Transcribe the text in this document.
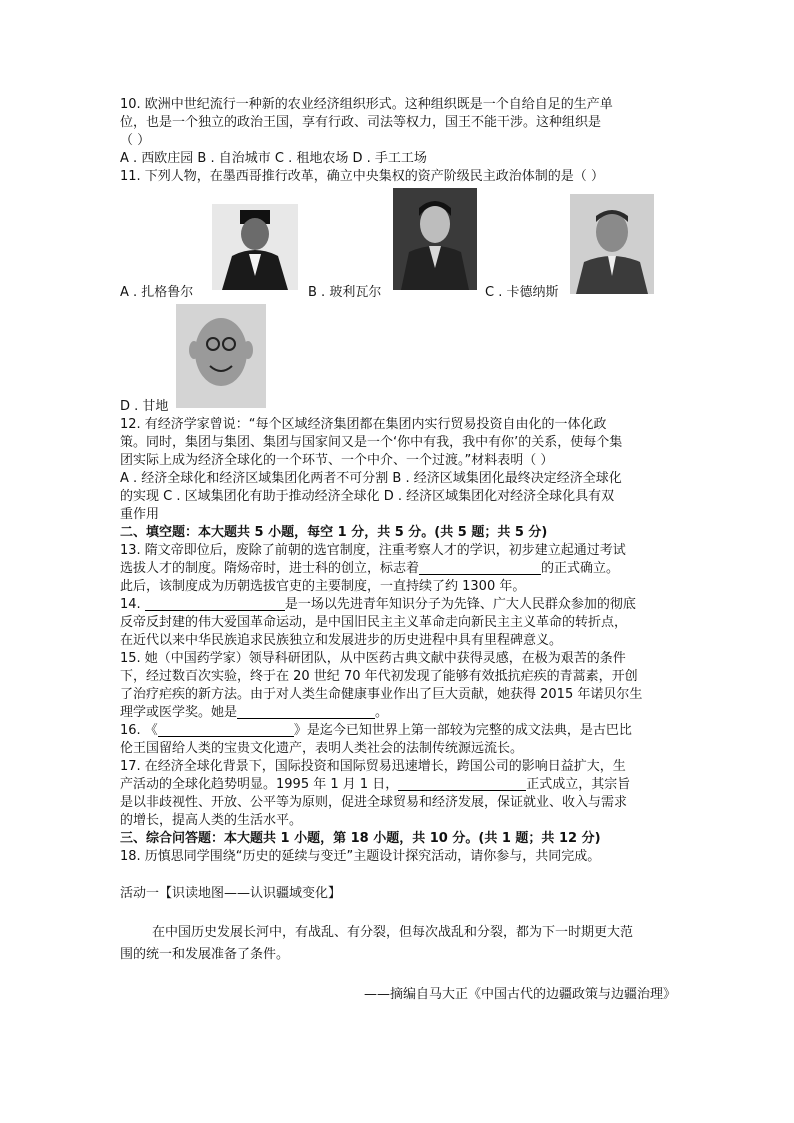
10. 欧洲中世纪流行一种新的农业经济组织形式。这种组织既是一个自给自足的生产单

位，也是一个独立的政治王国，享有行政、司法等权力，国王不能干涉。这种组织是

（ ）

A . 西欧庄园 B . 自治城市 C . 租地农场 D . 手工工场

11. 下列人物，在墨西哥推行改革，确立中央集权的资产阶级民主政治体制的是（ ）

A . 扎格鲁尔	B . 玻利瓦尔	C . 卡德纳斯
D . 甘地

12. 有经济学家曾说：“每个区域经济集团都在集团内实行贸易投资自由化的一体化政

策。同时，集团与集团、集团与国家间又是一个‘你中有我，我中有你’的关系，使每个集

团实际上成为经济全球化的一个环节、一个中介、一个过渡。”材料表明（ ）

A . 经济全球化和经济区域集团化两者不可分割 B . 经济区域集团化最终决定经济全球化

的实现 C . 区域集团化有助于推动经济全球化 D . 经济区域集团化对经济全球化具有双

重作用

二、填空题：本大题共 5 小题，每空 1 分，共 5 分。(共 5 题；共 5 分)

13. 隋文帝即位后，废除了前朝的选官制度，注重考察人才的学识，初步建立起通过考试

选拔人才的制度。隋炀帝时，进士科的创立，标志着	的正式确立。

此后，该制度成为历朝选拔官吏的主要制度，一直持续了约 1300 年。

14.	是一场以先进青年知识分子为先锋、广大人民群众参加的彻底

反帝反封建的伟大爱国革命运动，是中国旧民主主义革命走向新民主主义革命的转折点，

在近代以来中华民族追求民族独立和发展进步的历史进程中具有里程碑意义。

15. 她（中国药学家）领导科研团队，从中医药古典文献中获得灵感，在极为艰苦的条件

下，经过数百次实验，终于在 20 世纪 70 年代初发现了能够有效抵抗疟疾的青蒿素，开创

了治疗疟疾的新方法。由于对人类生命健康事业作出了巨大贡献，她获得 2015 年诺贝尔生

理学或医学奖。她是	。

16. 《	》是迄今已知世界上第一部较为完整的成文法典，是古巴比

伦王国留给人类的宝贵文化遗产，表明人类社会的法制传统源远流长。

17. 在经济全球化背景下，国际投资和国际贸易迅速增长，跨国公司的影响日益扩大，生

产活动的全球化趋势明显。1995 年 1 月 1 日，	正式成立，其宗旨

是以非歧视性、开放、公平等为原则，促进全球贸易和经济发展，保证就业、收入与需求

的增长，提高人类的生活水平。

三、综合问答题：本大题共 1 小题，第 18 小题，共 10 分。(共 1 题；共 12 分)

18. 历慎思同学围绕“历史的延续与变迁”主题设计探究活动，请你参与，共同完成。

活动一【识读地图——认识疆域变化】

在中国历史发展长河中，有战乱、有分裂，但每次战乱和分裂，都为下一时期更大范

围的统一和发展准备了条件。

——摘编自马大正《中国古代的边疆政策与边疆治理》
